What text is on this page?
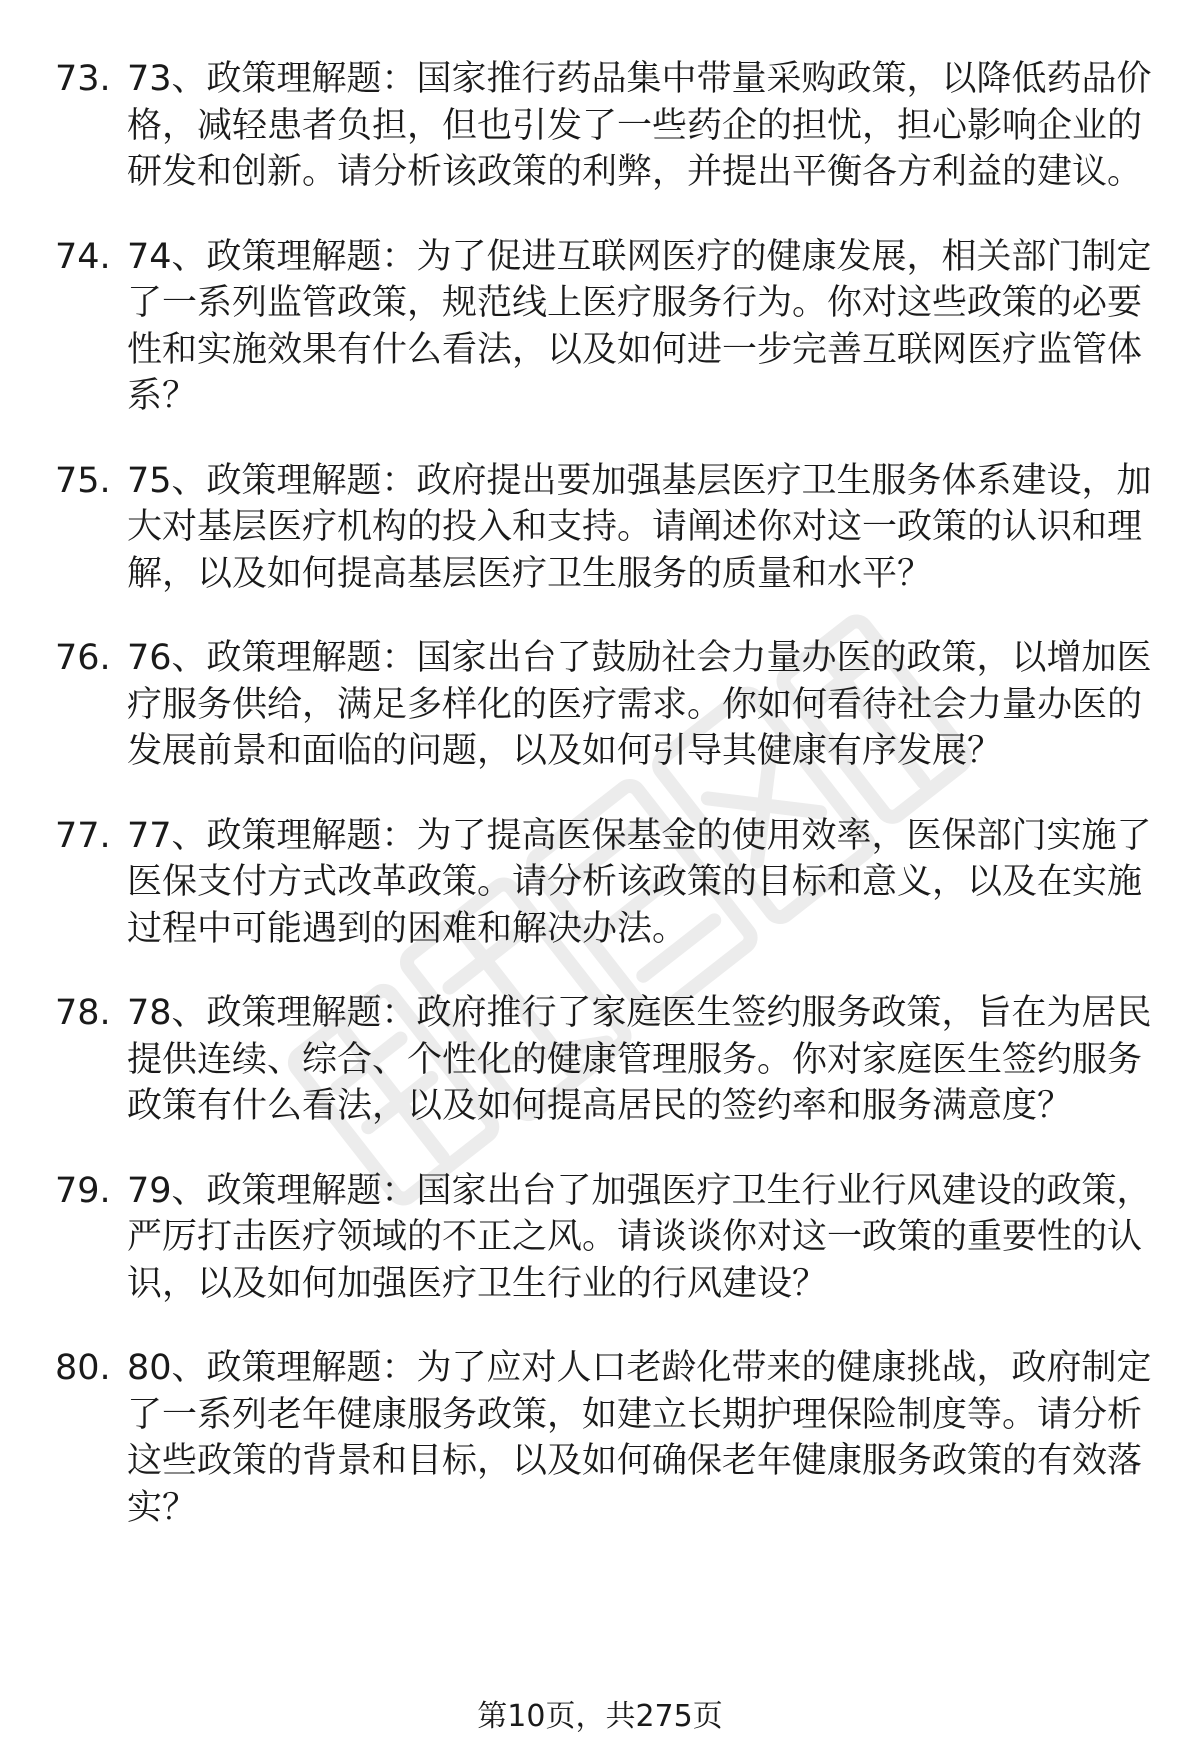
73. 73、政策理解题：国家推行药品集中带量采购政策，以降低药品价格，减轻患者负担，但也引发了一些药企的担忧，担心影响企业的研发和创新。请分析该政策的利弊，并提出平衡各方利益的建议。
74. 74、政策理解题：为了促进互联网医疗的健康发展，相关部门制定了一系列监管政策，规范线上医疗服务行为。你对这些政策的必要性和实施效果有什么看法，以及如何进一步完善互联网医疗监管体系？
75. 75、政策理解题：政府提出要加强基层医疗卫生服务体系建设，加大对基层医疗机构的投入和支持。请阐述你对这一政策的认识和理解，以及如何提高基层医疗卫生服务的质量和水平？
76. 76、政策理解题：国家出台了鼓励社会力量办医的政策，以增加医疗服务供给，满足多样化的医疗需求。你如何看待社会力量办医的发展前景和面临的问题，以及如何引导其健康有序发展？
77. 77、政策理解题：为了提高医保基金的使用效率，医保部门实施了医保支付方式改革政策。请分析该政策的目标和意义，以及在实施过程中可能遇到的困难和解决办法。
78. 78、政策理解题：政府推行了家庭医生签约服务政策，旨在为居民提供连续、综合、个性化的健康管理服务。你对家庭医生签约服务政策有什么看法，以及如何提高居民的签约率和服务满意度？
79. 79、政策理解题：国家出台了加强医疗卫生行业行风建设的政策，严厉打击医疗领域的不正之风。请谈谈你对这一政策的重要性的认识，以及如何加强医疗卫生行业的行风建设？
80. 80、政策理解题：为了应对人口老龄化带来的健康挑战，政府制定了一系列老年健康服务政策，如建立长期护理保险制度等。请分析这些政策的背景和目标，以及如何确保老年健康服务政策的有效落实？
第10页，共275页
